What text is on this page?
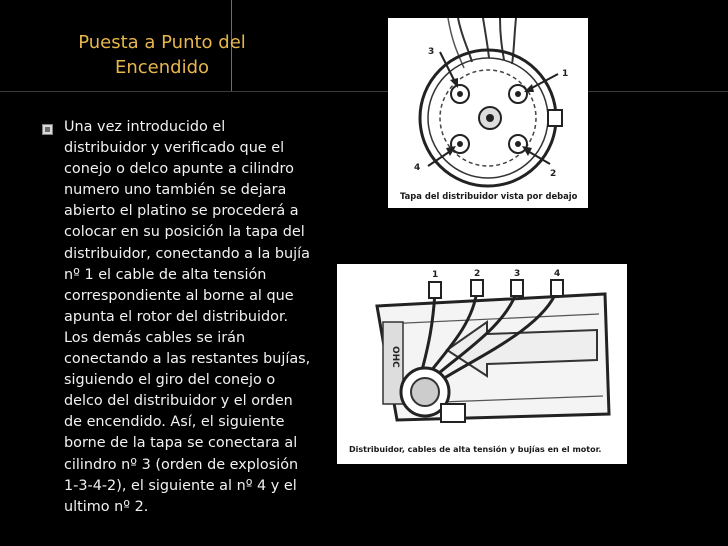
Puesta a Punto del
Encendido
Una vez introducido el
distribuidor y verificado que el
conejo o delco apunte a cilindro
numero uno también se dejara
abierto el platino se procederá a
colocar en su posición la tapa del
distribuidor, conectando a la bujía
nº 1 el cable de alta tensión
correspondiente al borne al que
apunta el rotor del distribuidor.
Los demás cables se irán
conectando a las restantes bujías,
siguiendo el giro del conejo o
delco del distribuidor y el orden
de encendido. Así, el siguiente
borne de la tapa se conectara al
cilindro nº 3 (orden de explosión
1-3-4-2), el siguiente al nº 4 y el
ultimo nº 2.
3
1
4
2
Tapa del distribuidor vista por debajo
OHC
1	2	3	4
Distribuidor, cables de alta tensión y bujías en el motor.
